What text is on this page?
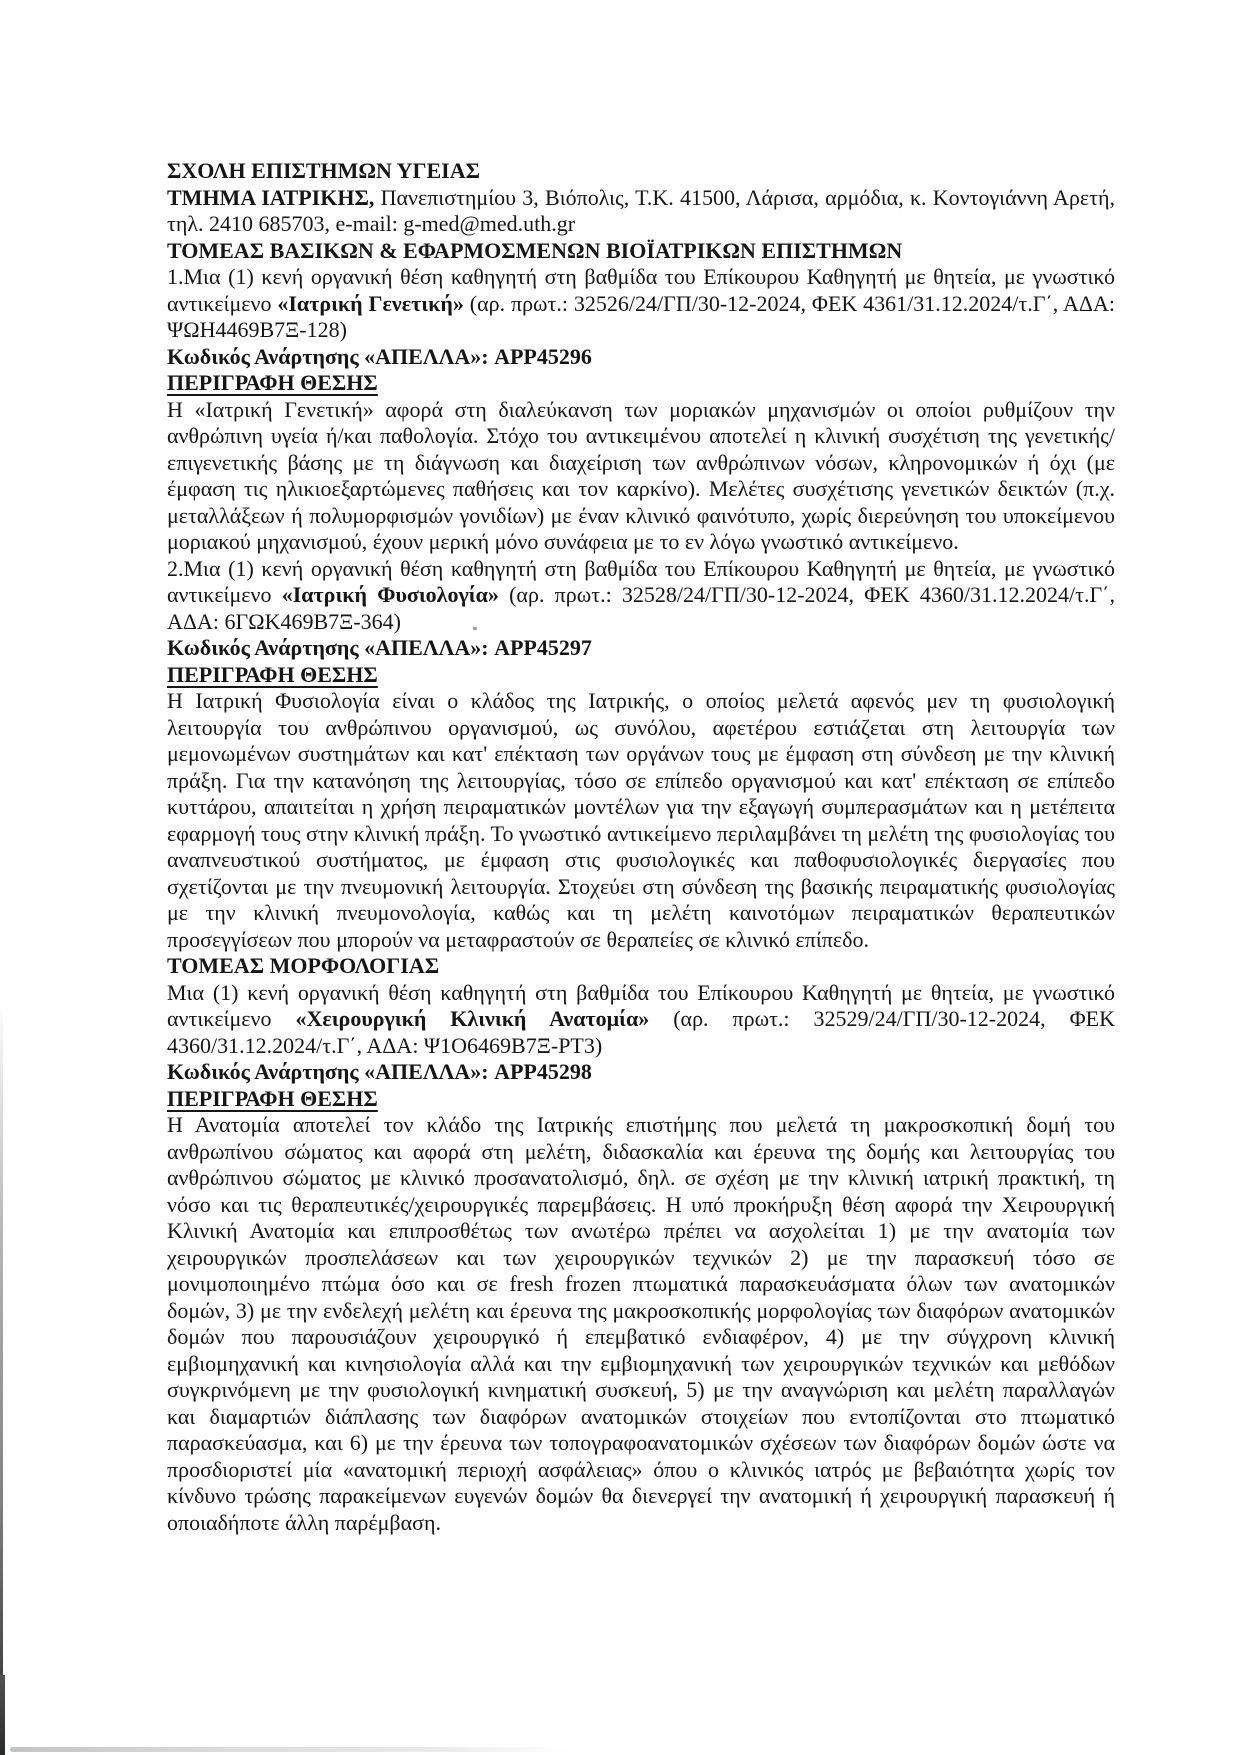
ΣΧΟΛΗ ΕΠΙΣΤΗΜΩΝ ΥΓΕΙΑΣ

ΤΜΗΜΑ ΙΑΤΡΙΚΗΣ, Πανεπιστημίου 3, Βιόπολις, Τ.Κ. 41500, Λάρισα, αρμόδια, κ. Κοντογιάννη Αρετή, τηλ. 2410 685703, e-mail: g-med@med.uth.gr

ΤΟΜΕΑΣ ΒΑΣΙΚΩΝ & ΕΦΑΡΜΟΣΜΕΝΩΝ ΒΙΟΪΑΤΡΙΚΩΝ ΕΠΙΣΤΗΜΩΝ

1.Μια (1) κενή οργανική θέση καθηγητή στη βαθμίδα του Επίκουρου Καθηγητή με θητεία, με γνωστικό αντικείμενο «Ιατρική Γενετική» (αρ. πρωτ.: 32526/24/ΓΠ/30-12-2024, ΦΕΚ 4361/31.12.2024/τ.Γ΄, ΑΔΑ: ΨΩΗ4469Β7Ξ-128)

Κωδικός Ανάρτησης «ΑΠΕΛΛΑ»: APP45296

ΠΕΡΙΓΡΑΦΗ ΘΕΣΗΣ

Η «Ιατρική Γενετική» αφορά στη διαλεύκανση των μοριακών μηχανισμών οι οποίοι ρυθμίζουν την ανθρώπινη υγεία ή/και παθολογία. Στόχο του αντικειμένου αποτελεί η κλινική συσχέτιση της γενετικής/επιγενετικής βάσης με τη διάγνωση και διαχείριση των ανθρώπινων νόσων, κληρονομικών ή όχι (με έμφαση τις ηλικιοεξαρτώμενες παθήσεις και τον καρκίνο). Μελέτες συσχέτισης γενετικών δεικτών (π.χ. μεταλλάξεων ή πολυμορφισμών γονιδίων) με έναν κλινικό φαινότυπο, χωρίς διερεύνηση του υποκείμενου μοριακού μηχανισμού, έχουν μερική μόνο συνάφεια με το εν λόγω γνωστικό αντικείμενο.

2.Μια (1) κενή οργανική θέση καθηγητή στη βαθμίδα του Επίκουρου Καθηγητή με θητεία, με γνωστικό αντικείμενο «Ιατρική Φυσιολογία» (αρ. πρωτ.: 32528/24/ΓΠ/30-12-2024, ΦΕΚ 4360/31.12.2024/τ.Γ΄, ΑΔΑ: 6ΓΩΚ469Β7Ξ-364)

Κωδικός Ανάρτησης «ΑΠΕΛΛΑ»: APP45297

ΠΕΡΙΓΡΑΦΗ ΘΕΣΗΣ

Η Ιατρική Φυσιολογία είναι ο κλάδος της Ιατρικής, ο οποίος μελετά αφενός μεν τη φυσιολογική λειτουργία του ανθρώπινου οργανισμού, ως συνόλου, αφετέρου εστιάζεται στη λειτουργία των μεμονωμένων συστημάτων και κατ' επέκταση των οργάνων τους με έμφαση στη σύνδεση με την κλινική πράξη. Για την κατανόηση της λειτουργίας, τόσο σε επίπεδο οργανισμού και κατ' επέκταση σε επίπεδο κυττάρου, απαιτείται η χρήση πειραματικών μοντέλων για την εξαγωγή συμπερασμάτων και η μετέπειτα εφαρμογή τους στην κλινική πράξη. Το γνωστικό αντικείμενο περιλαμβάνει τη μελέτη της φυσιολογίας του αναπνευστικού συστήματος, με έμφαση στις φυσιολογικές και παθοφυσιολογικές διεργασίες που σχετίζονται με την πνευμονική λειτουργία. Στοχεύει στη σύνδεση της βασικής πειραματικής φυσιολογίας με την κλινική πνευμονολογία, καθώς και τη μελέτη καινοτόμων πειραματικών θεραπευτικών προσεγγίσεων που μπορούν να μεταφραστούν σε θεραπείες σε κλινικό επίπεδο.

ΤΟΜΕΑΣ ΜΟΡΦΟΛΟΓΙΑΣ

Μια (1) κενή οργανική θέση καθηγητή στη βαθμίδα του Επίκουρου Καθηγητή με θητεία, με γνωστικό αντικείμενο «Χειρουργική Κλινική Ανατομία» (αρ. πρωτ.: 32529/24/ΓΠ/30-12-2024, ΦΕΚ 4360/31.12.2024/τ.Γ΄, ΑΔΑ: Ψ1Ο6469Β7Ξ-ΡΤ3)

Κωδικός Ανάρτησης «ΑΠΕΛΛΑ»: APP45298

ΠΕΡΙΓΡΑΦΗ ΘΕΣΗΣ

Η Ανατομία αποτελεί τον κλάδο της Ιατρικής επιστήμης που μελετά τη μακροσκοπική δομή του ανθρωπίνου σώματος και αφορά στη μελέτη, διδασκαλία και έρευνα της δομής και λειτουργίας του ανθρώπινου σώματος με κλινικό προσανατολισμό, δηλ. σε σχέση με την κλινική ιατρική πρακτική, τη νόσο και τις θεραπευτικές/χειρουργικές παρεμβάσεις. Η υπό προκήρυξη θέση αφορά την Χειρουργική Κλινική Ανατομία και επιπροσθέτως των ανωτέρω πρέπει να ασχολείται 1) με την ανατομία των χειρουργικών προσπελάσεων και των χειρουργικών τεχνικών 2) με την παρασκευή τόσο σε μονιμοποιημένο πτώμα όσο και σε fresh frozen πτωματικά παρασκευάσματα όλων των ανατομικών δομών, 3) με την ενδελεχή μελέτη και έρευνα της μακροσκοπικής μορφολογίας των διαφόρων ανατομικών δομών που παρουσιάζουν χειρουργικό ή επεμβατικό ενδιαφέρον, 4) με την σύγχρονη κλινική εμβιομηχανική και κινησιολογία αλλά και την εμβιομηχανική των χειρουργικών τεχνικών και μεθόδων συγκρινόμενη με την φυσιολογική κινηματική συσκευή, 5) με την αναγνώριση και μελέτη παραλλαγών και διαμαρτιών διάπλασης των διαφόρων ανατομικών στοιχείων που εντοπίζονται στο πτωματικό παρασκεύασμα, και 6) με την έρευνα των τοπογραφοανατομικών σχέσεων των διαφόρων δομών ώστε να προσδιοριστεί μία «ανατομική περιοχή ασφάλειας» όπου ο κλινικός ιατρός με βεβαιότητα χωρίς τον κίνδυνο τρώσης παρακείμενων ευγενών δομών θα διενεργεί την ανατομική ή χειρουργική παρασκευή ή οποιαδήποτε άλλη παρέμβαση.
